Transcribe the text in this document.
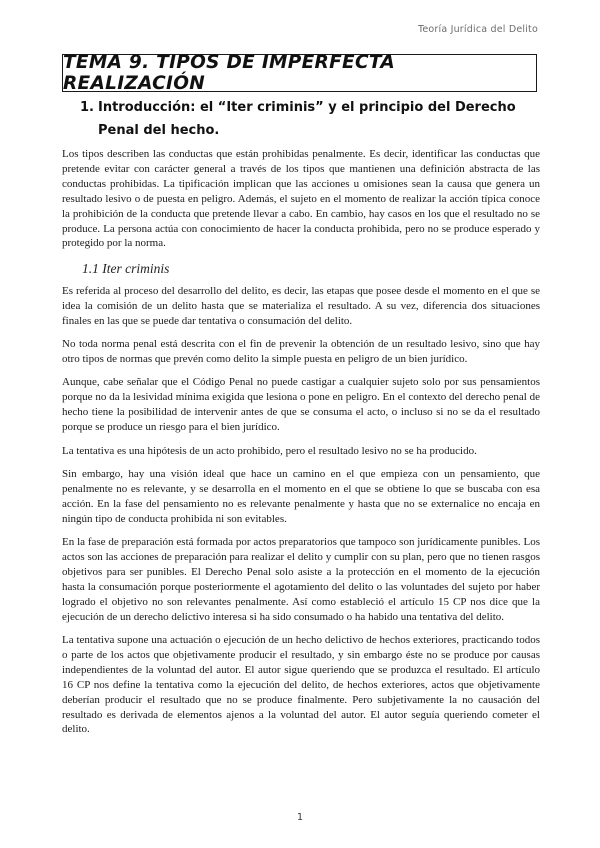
Teoría Jurídica del Delito
TEMA 9. TIPOS DE IMPERFECTA REALIZACIÓN
1. Introducción: el “Iter criminis” y el principio del Derecho Penal del hecho.

Los tipos describen las conductas que están prohibidas penalmente. Es decir, identificar las conductas que pretende evitar con carácter general a través de los tipos que mantienen una definición abstracta de las conductas prohibidas. La tipificación implican que las acciones u omisiones sean la causa que genera un resultado lesivo o de puesta en peligro. Además, el sujeto en el momento de realizar la acción típica conoce la prohibición de la conducta que pretende llevar a cabo. En cambio, hay casos en los que el resultado no se produce. La persona actúa con conocimiento de hacer la conducta prohibida, pero no se produce esperado y protegido por la norma.

1.1 Iter criminis

Es referida al proceso del desarrollo del delito, es decir, las etapas que posee desde el momento en el que se idea la comisión de un delito hasta que se materializa el resultado. A su vez, diferencia dos situaciones finales en las que se puede dar tentativa o consumación del delito.

No toda norma penal está descrita con el fin de prevenir la obtención de un resultado lesivo, sino que hay otro tipos de normas que prevén como delito la simple puesta en peligro de un bien jurídico.

Aunque, cabe señalar que el Código Penal no puede castigar a cualquier sujeto solo por sus pensamientos porque no da la lesividad mínima exigida que lesiona o pone en peligro. En el contexto del derecho penal de hecho tiene la posibilidad de intervenir antes de que se consuma el acto, o incluso si no se da el resultado porque se produce un riesgo para el bien jurídico.

La tentativa es una hipótesis de un acto prohibido, pero el resultado lesivo no se ha producido.

Sin embargo, hay una visión ideal que hace un camino en el que empieza con un pensamiento, que penalmente no es relevante, y se desarrolla en el momento en el que se obtiene lo que se buscaba con esa acción. En la fase del pensamiento no es relevante penalmente y hasta que no se externalice no encaja en ningún tipo de conducta prohibida ni son evitables.

En la fase de preparación está formada por actos preparatorios que tampoco son jurídicamente punibles. Los actos son las acciones de preparación para realizar el delito y cumplir con su plan, pero que no tienen rasgos objetivos para ser punibles. El Derecho Penal solo asiste a la protección en el momento de la ejecución hasta la consumación porque posteriormente el agotamiento del delito o las voluntades del sujeto por haber logrado el objetivo no son relevantes penalmente. Así como estableció el artículo 15 CP nos dice que la ejecución de un derecho delictivo interesa si ha sido consumado o ha habido una tentativa del delito.

La tentativa supone una actuación o ejecución de un hecho delictivo de hechos exteriores, practicando todos o parte de los actos que objetivamente producir el resultado, y sin embargo éste no se produce por causas independientes de la voluntad del autor. El autor sigue queriendo que se produzca el resultado. El artículo 16 CP nos define la tentativa como la ejecución del delito, de hechos exteriores, actos que objetivamente deberían producir el resultado que no se produce finalmente. Pero subjetivamente la no causación del resultado es derivada de elementos ajenos a la voluntad del autor. El autor seguía queriendo cometer el delito.

1
